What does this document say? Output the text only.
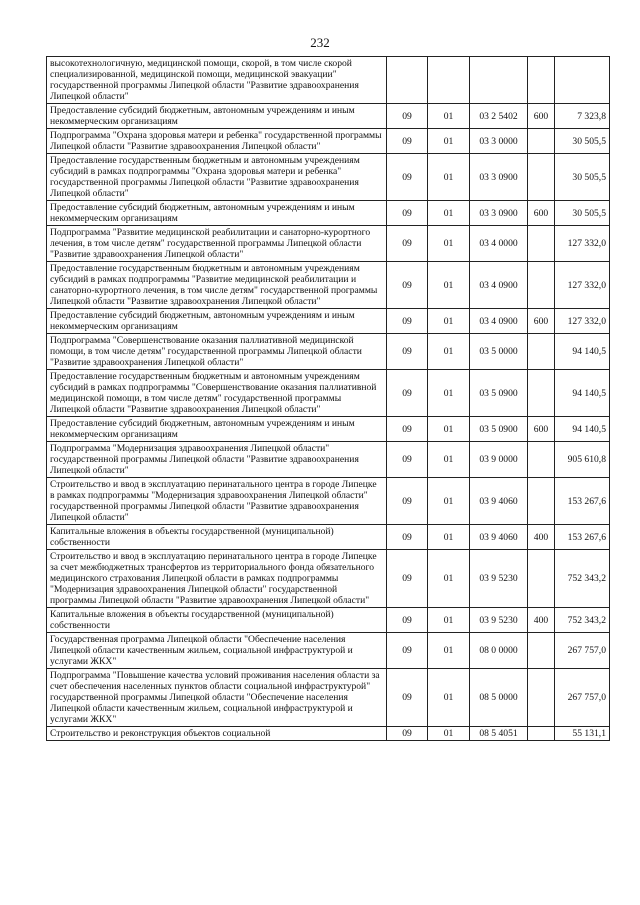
232
высокотехнологичную, медицинской помощи, скорой, в том числе скорой специализированной, медицинской помощи, медицинской эвакуации" государственной программы Липецкой области "Развитие здравоохранения Липецкой области"					
Предоставление субсидий бюджетным, автономным учреждениям и иным некоммерческим организациям	09	01	03 2 5402	600	7 323,8
Подпрограмма "Охрана здоровья матери и ребенка" государственной программы Липецкой области "Развитие здравоохранения Липецкой области"	09	01	03 3 0000		30 505,5
Предоставление государственным бюджетным и автономным учреждениям субсидий в рамках подпрограммы "Охрана здоровья матери и ребенка" государственной программы Липецкой области "Развитие здравоохранения Липецкой области"	09	01	03 3 0900		30 505,5
Предоставление субсидий бюджетным, автономным учреждениям и иным некоммерческим организациям	09	01	03 3 0900	600	30 505,5
Подпрограмма "Развитие медицинской реабилитации и санаторно-курортного лечения, в том числе детям" государственной программы Липецкой области "Развитие здравоохранения Липецкой области"	09	01	03 4 0000		127 332,0
Предоставление государственным бюджетным и автономным учреждениям субсидий в рамках подпрограммы "Развитие медицинской реабилитации и санаторно-курортного лечения, в том числе детям" государственной программы Липецкой области "Развитие здравоохранения Липецкой области"	09	01	03 4 0900		127 332,0
Предоставление субсидий бюджетным, автономным учреждениям и иным некоммерческим организациям	09	01	03 4 0900	600	127 332,0
Подпрограмма "Совершенствование оказания паллиативной медицинской помощи, в том числе детям" государственной программы Липецкой области "Развитие здравоохранения Липецкой области"	09	01	03 5 0000		94 140,5
Предоставление государственным бюджетным и автономным учреждениям субсидий в рамках подпрограммы "Совершенствование оказания паллиативной медицинской помощи, в том числе детям" государственной программы Липецкой области "Развитие здравоохранения Липецкой области"	09	01	03 5 0900		94 140,5
Предоставление субсидий бюджетным, автономным учреждениям и иным некоммерческим организациям	09	01	03 5 0900	600	94 140,5
Подпрограмма "Модернизация здравоохранения Липецкой области" государственной программы Липецкой области "Развитие здравоохранения Липецкой области"	09	01	03 9 0000		905 610,8
Строительство и ввод в эксплуатацию перинатального центра в городе Липецке в рамках подпрограммы "Модернизация здравоохранения Липецкой области" государственной программы Липецкой области "Развитие здравоохранения Липецкой области"	09	01	03 9 4060		153 267,6
Капитальные вложения в объекты государственной (муниципальной) собственности	09	01	03 9 4060	400	153 267,6
Строительство и ввод в эксплуатацию перинатального центра в городе Липецке за счет межбюджетных трансфертов из территориального фонда обязательного медицинского страхования Липецкой области в рамках подпрограммы "Модернизация здравоохранения Липецкой области" государственной программы Липецкой области "Развитие здравоохранения Липецкой области"	09	01	03 9 5230		752 343,2
Капитальные вложения в объекты государственной (муниципальной) собственности	09	01	03 9 5230	400	752 343,2
Государственная программа Липецкой области "Обеспечение населения Липецкой области качественным жильем, социальной инфраструктурой и услугами ЖКХ"	09	01	08 0 0000		267 757,0
Подпрограмма "Повышение качества условий проживания населения области за счет обеспечения населенных пунктов области социальной инфраструктурой" государственной программы Липецкой области "Обеспечение населения Липецкой области качественным жильем, социальной инфраструктурой и услугами ЖКХ"	09	01	08 5 0000		267 757,0
Строительство и реконструкция объектов социальной	09	01	08 5 4051		55 131,1
